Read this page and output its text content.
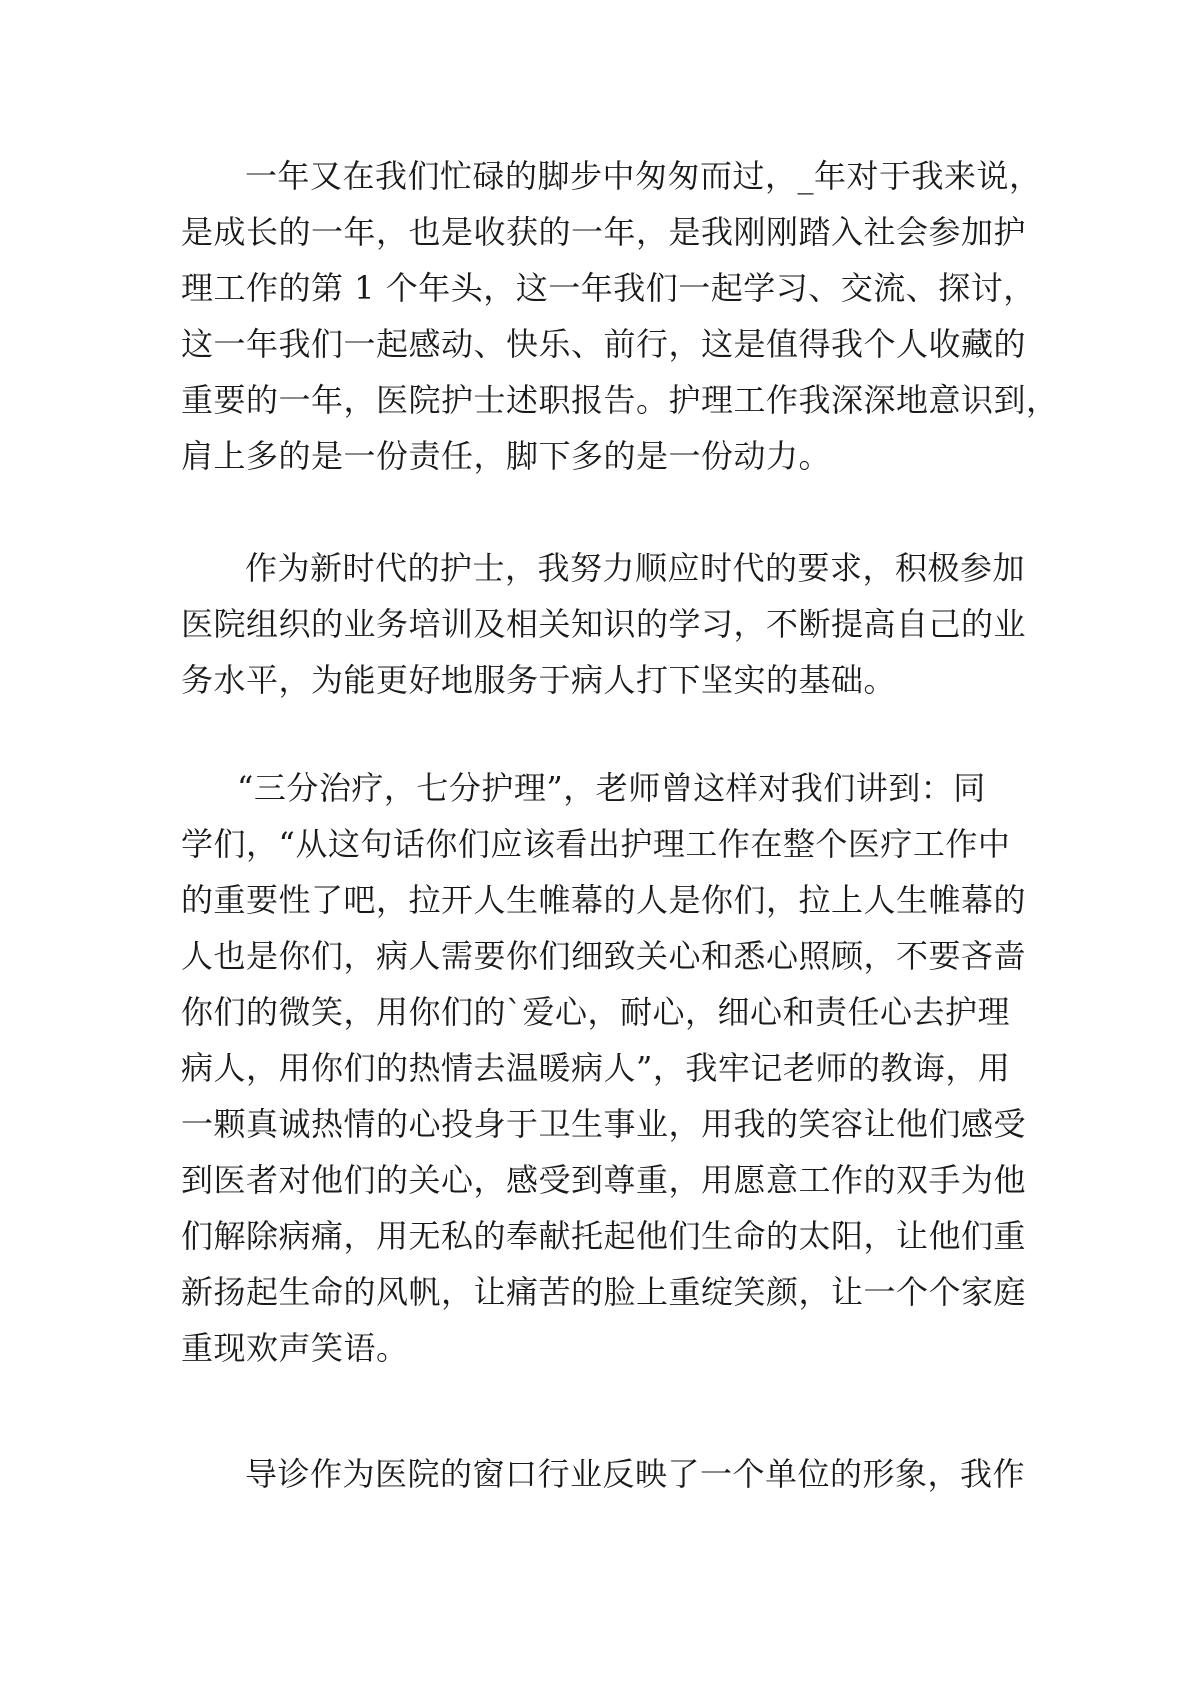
一年又在我们忙碌的脚步中匆匆而过，_年对于我来说，
是成长的一年，也是收获的一年，是我刚刚踏入社会参加护
理工作的第 1 个年头，这一年我们一起学习、交流、探讨，
这一年我们一起感动、快乐、前行，这是值得我个人收藏的
重要的一年，医院护士述职报告。护理工作我深深地意识到，
肩上多的是一份责任，脚下多的是一份动力。
作为新时代的护士，我努力顺应时代的要求，积极参加
医院组织的业务培训及相关知识的学习，不断提高自己的业
务水平，为能更好地服务于病人打下坚实的基础。
“三分治疗，七分护理”，老师曾这样对我们讲到：同
学们，“从这句话你们应该看出护理工作在整个医疗工作中
的重要性了吧，拉开人生帷幕的人是你们，拉上人生帷幕的
人也是你们，病人需要你们细致关心和悉心照顾，不要吝啬
你们的微笑，用你们的`爱心，耐心，细心和责任心去护理
病人，用你们的热情去温暖病人”，我牢记老师的教诲，用
一颗真诚热情的心投身于卫生事业，用我的笑容让他们感受
到医者对他们的关心，感受到尊重，用愿意工作的双手为他
们解除病痛，用无私的奉献托起他们生命的太阳，让他们重
新扬起生命的风帆，让痛苦的脸上重绽笑颜，让一个个家庭
重现欢声笑语。
导诊作为医院的窗口行业反映了一个单位的形象，我作
